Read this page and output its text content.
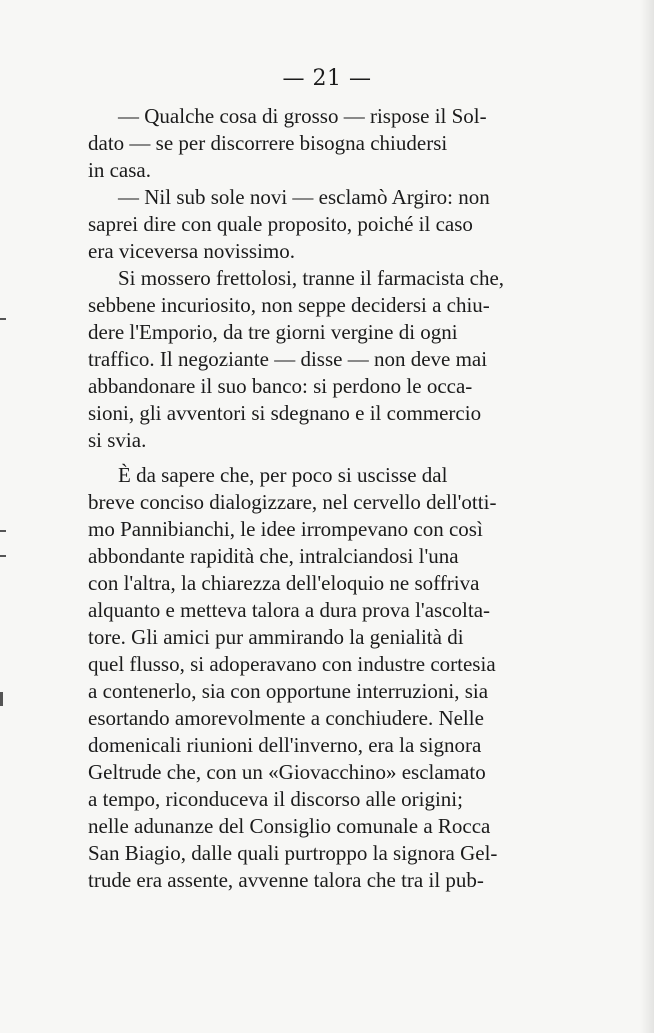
— 21 —
— Qualche cosa di grosso — rispose il Sol-
dato — se per discorrere bisogna chiudersi
in casa.
— Nil sub sole novi — esclamò Argiro: non
saprei dire con quale proposito, poiché il caso
era viceversa novissimo.
Si mossero frettolosi, tranne il farmacista che,
sebbene incuriosito, non seppe decidersi a chiu-
dere l'Emporio, da tre giorni vergine di ogni
traffico. Il negoziante — disse — non deve mai
abbandonare il suo banco: si perdono le occa-
sioni, gli avventori si sdegnano e il commercio
si svia.
È da sapere che, per poco si uscisse dal
breve conciso dialogizzare, nel cervello dell'otti-
mo Pannibianchi, le idee irrompevano con così
abbondante rapidità che, intralciandosi l'una
con l'altra, la chiarezza dell'eloquio ne soffriva
alquanto e metteva talora a dura prova l'ascolta-
tore. Gli amici pur ammirando la genialità di
quel flusso, si adoperavano con industre cortesia
a contenerlo, sia con opportune interruzioni, sia
esortando amorevolmente a conchiudere. Nelle
domenicali riunioni dell'inverno, era la signora
Geltrude che, con un «Giovacchino» esclamato
a tempo, riconduceva il discorso alle origini;
nelle adunanze del Consiglio comunale a Rocca
San Biagio, dalle quali purtroppo la signora Gel-
trude era assente, avvenne talora che tra il pub-
